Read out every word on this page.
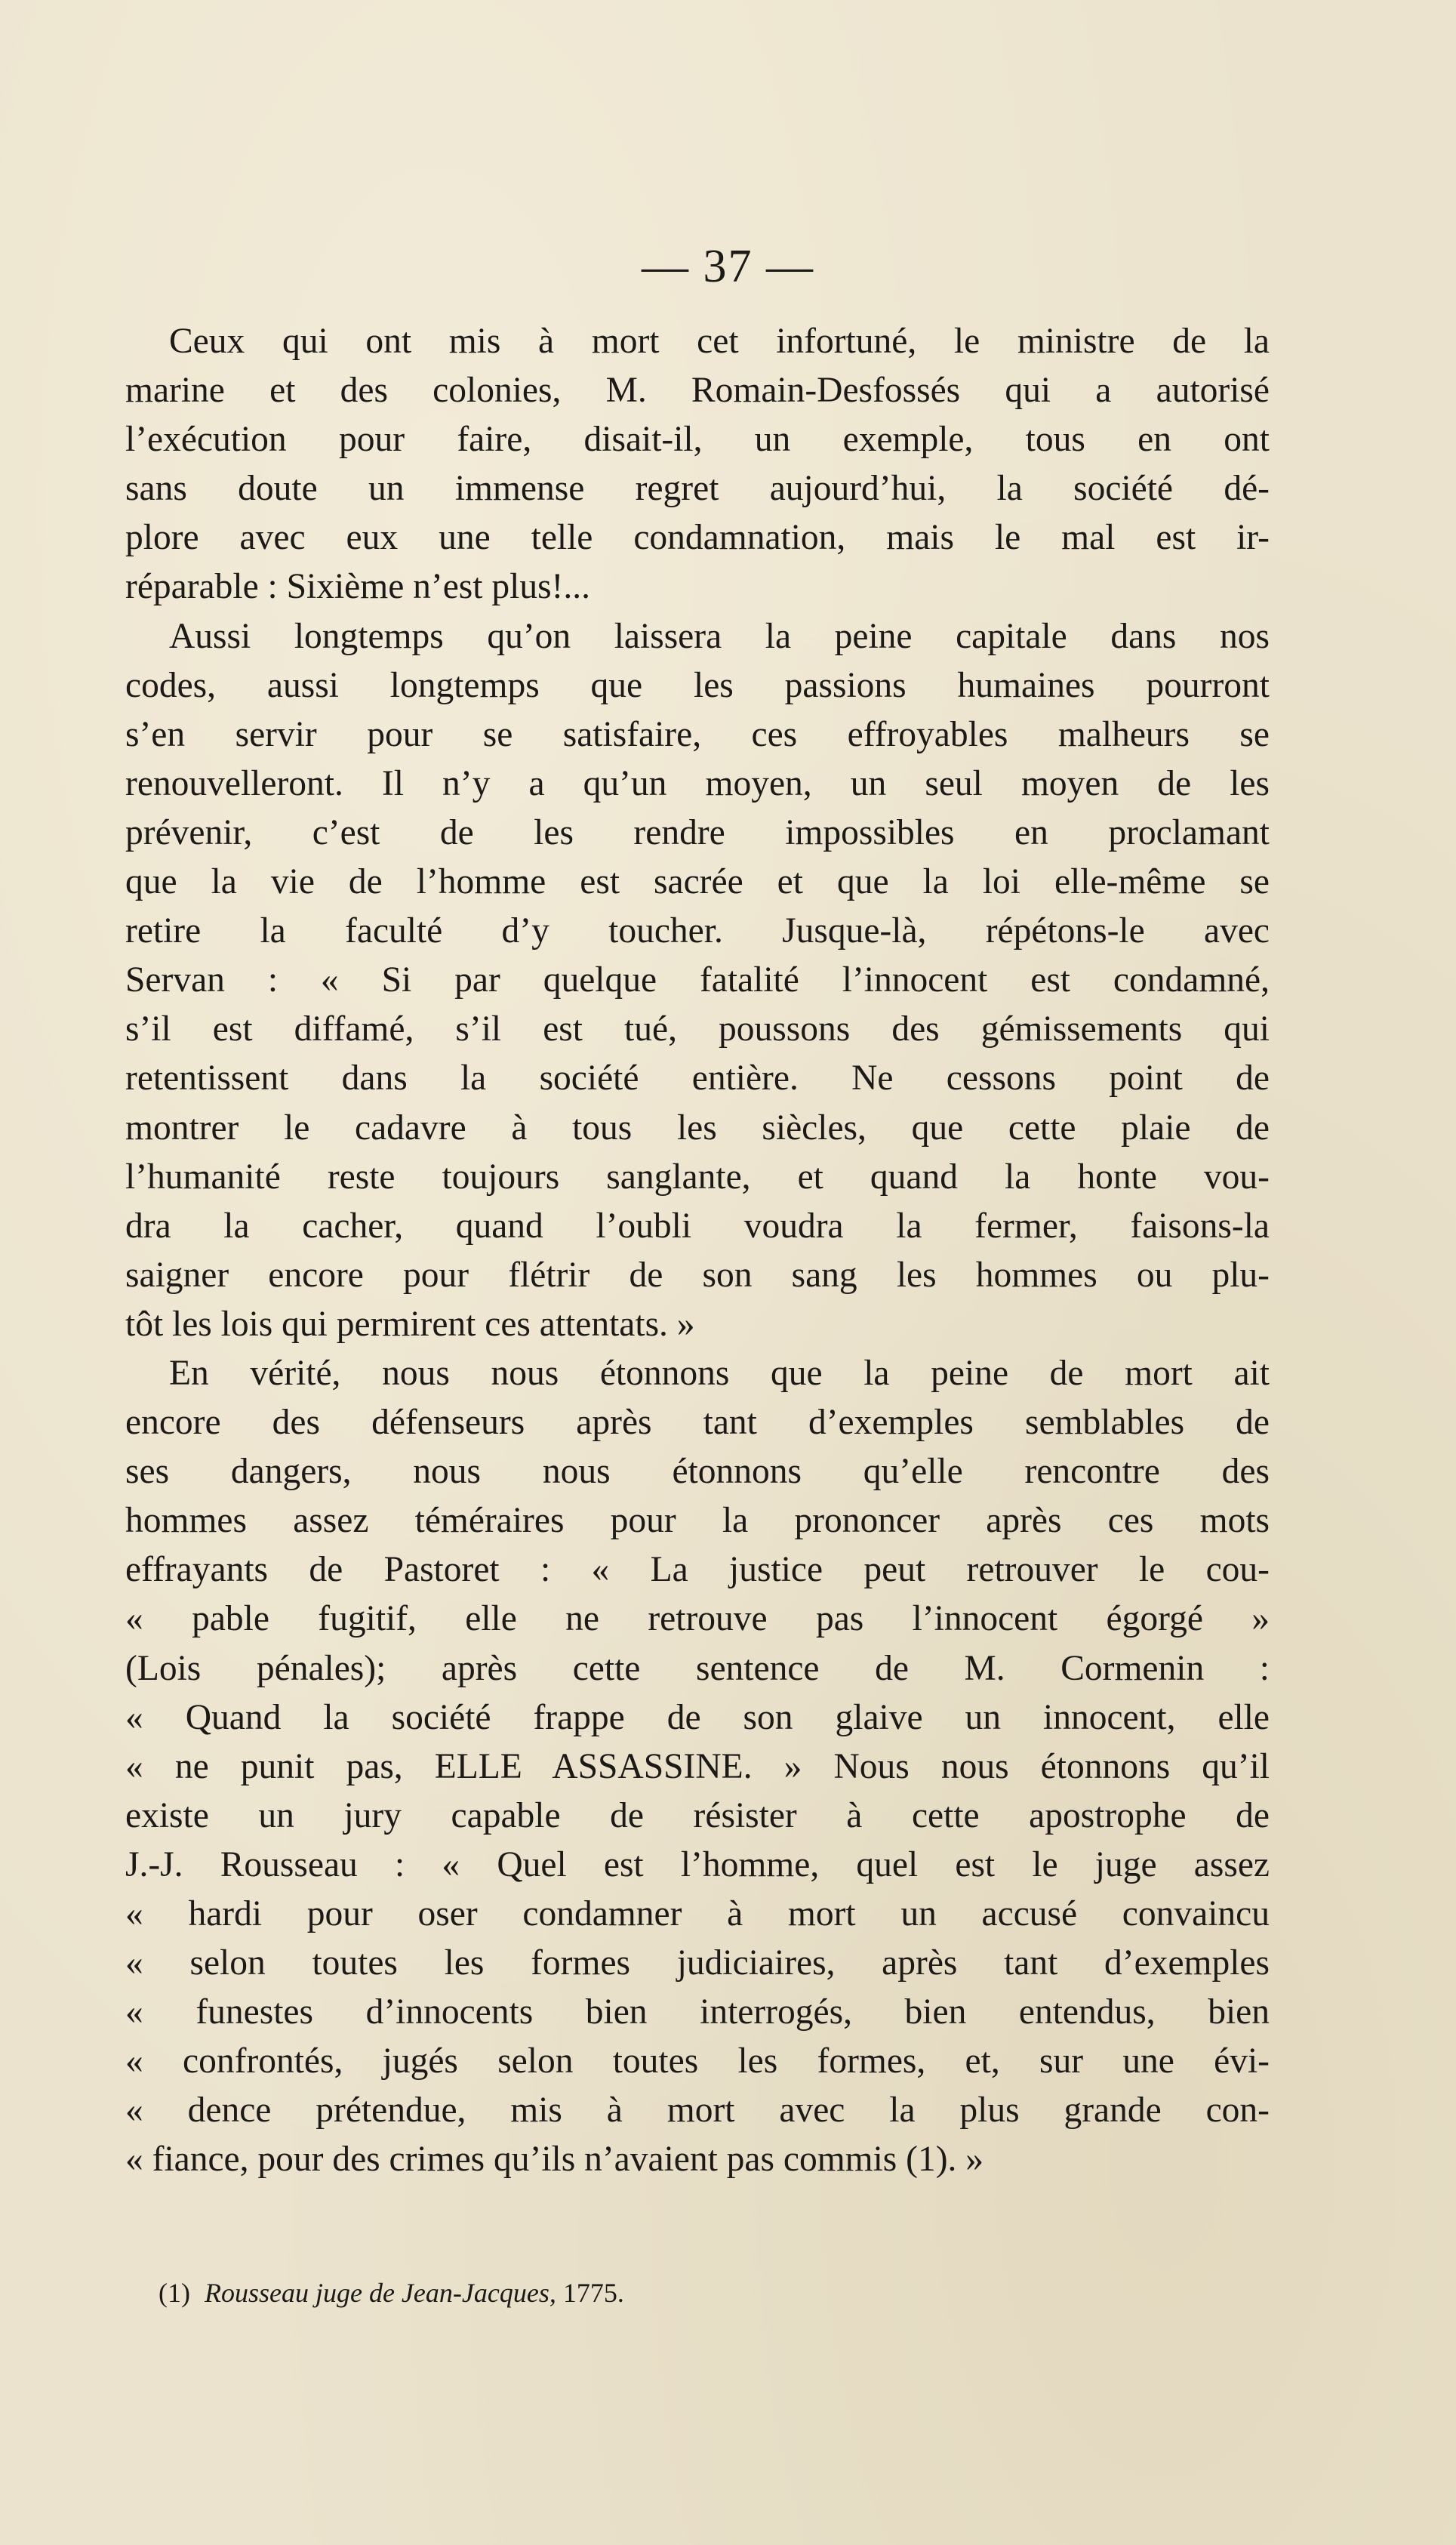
— 37 —
Ceux qui ont mis à mort cet infortuné, le ministre de la
marine et des colonies, M. Romain-Desfossés qui a autorisé
l’exécution pour faire, disait-il, un exemple, tous en ont
sans doute un immense regret aujourd’hui, la société dé-
plore avec eux une telle condamnation, mais le mal est ir-
réparable : Sixième n’est plus!...
Aussi longtemps qu’on laissera la peine capitale dans nos
codes, aussi longtemps que les passions humaines pourront
s’en servir pour se satisfaire, ces effroyables malheurs se
renouvelleront. Il n’y a qu’un moyen, un seul moyen de les
prévenir, c’est de les rendre impossibles en proclamant
que la vie de l’homme est sacrée et que la loi elle-même se
retire la faculté d’y toucher. Jusque-là, répétons-le avec
Servan : « Si par quelque fatalité l’innocent est condamné,
s’il est diffamé, s’il est tué, poussons des gémissements qui
retentissent dans la société entière. Ne cessons point de
montrer le cadavre à tous les siècles, que cette plaie de
l’humanité reste toujours sanglante, et quand la honte vou-
dra la cacher, quand l’oubli voudra la fermer, faisons-la
saigner encore pour flétrir de son sang les hommes ou plu-
tôt les lois qui permirent ces attentats. »
En vérité, nous nous étonnons que la peine de mort ait
encore des défenseurs après tant d’exemples semblables de
ses dangers, nous nous étonnons qu’elle rencontre des
hommes assez téméraires pour la prononcer après ces mots
effrayants de Pastoret : « La justice peut retrouver le cou-
« pable fugitif, elle ne retrouve pas l’innocent égorgé »
(Lois pénales); après cette sentence de M. Cormenin :
« Quand la société frappe de son glaive un innocent, elle
« ne punit pas, ELLE ASSASSINE. » Nous nous étonnons qu’il
existe un jury capable de résister à cette apostrophe de
J.-J. Rousseau : « Quel est l’homme, quel est le juge assez
« hardi pour oser condamner à mort un accusé convaincu
« selon toutes les formes judiciaires, après tant d’exemples
« funestes d’innocents bien interrogés, bien entendus, bien
« confrontés, jugés selon toutes les formes, et, sur une évi-
« dence prétendue, mis à mort avec la plus grande con-
« fiance, pour des crimes qu’ils n’avaient pas commis (1). »
(1) Rousseau juge de Jean-Jacques, 1775.
